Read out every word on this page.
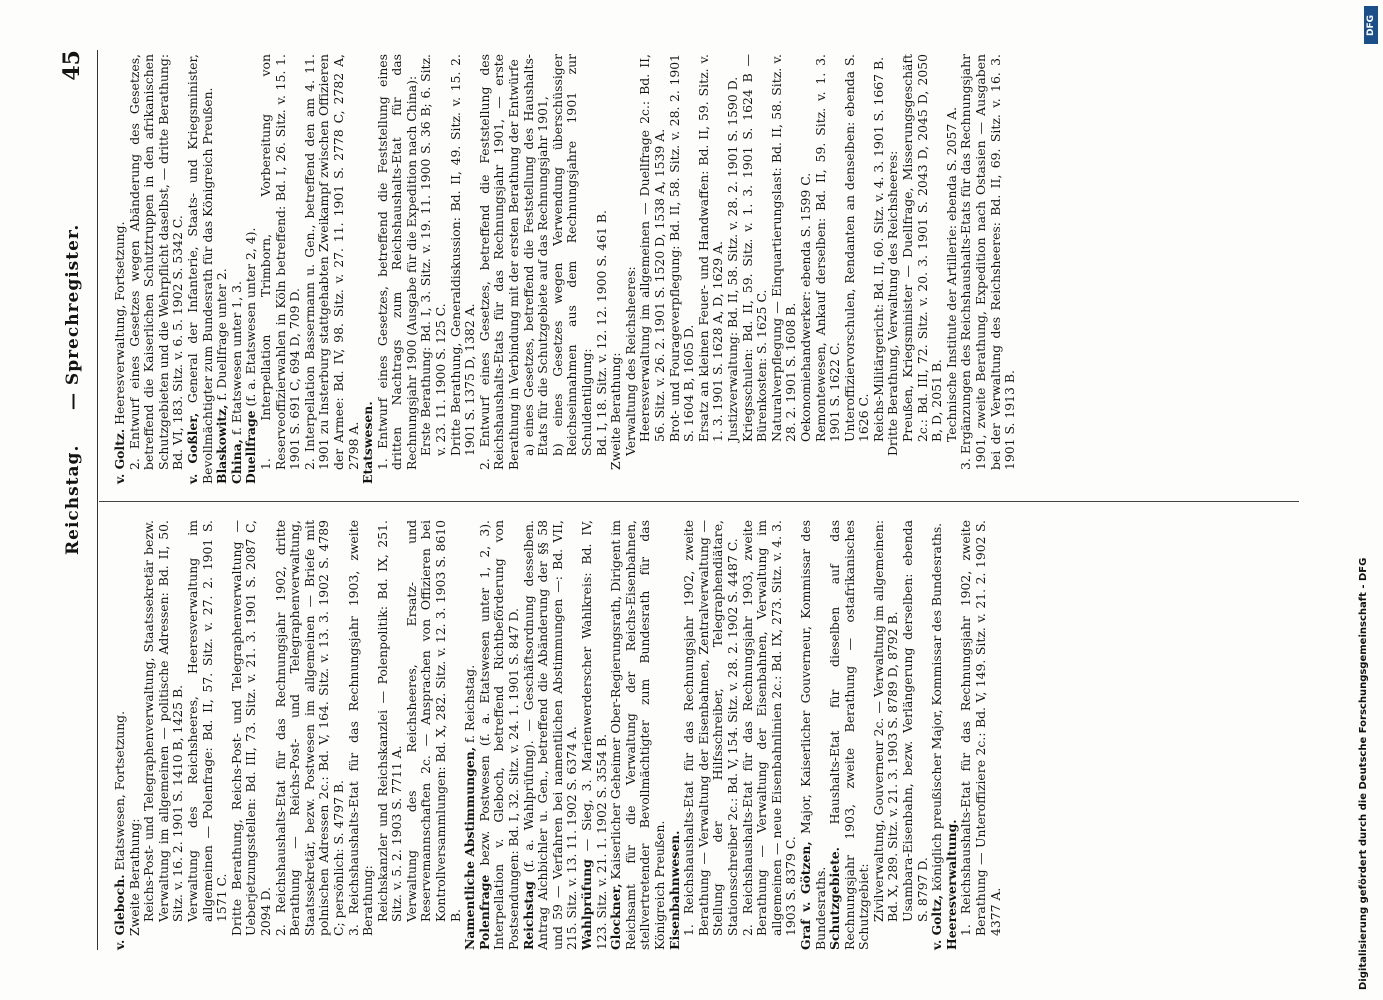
Reichstag.
— Sprechregister.
45

v. Gleboch. Etatswesen, Fortsetzung.

Zweite Berathung: Reichs-Post- und Telegraphenverwaltung, Staatssekretär bezw. Verwaltung im allgemeinen — politische Adressen: Bd. II, 50. Sitz. v. 16. 2. 1901 S. 1410 B, 1425 B. Verwaltung des Reichsheeres, Heeresverwaltung im allgemeinen — Polenfrage: Bd. II, 57. Sitz. v. 27. 2. 1901 S. 1571 C. Dritte Berathung, Reichs-Post- und Telegraphenverwaltung — Ueberjetzungsstellen: Bd. III, 73. Sitz. v. 21. 3. 1901 S. 2087 C, 2094 D. 2. Reichshaushalts-Etat für das Rechnungsjahr 1902, dritte Berathung — Reichs-Post- und Telegraphenverwaltung, Staatssekretär, bezw. Postwesen im allgemeinen — Briefe mit polnischen Adressen 2c.: Bd. V, 164. Sitz. v. 13. 3. 1902 S. 4789 C; persönlich: S. 4797 B. 3. Reichshaushalts-Etat für das Rechnungsjahr 1903, zweite Berathung: Reichskanzler und Reichskanzlei — Polenpolitik: Bd. IX, 251. Sitz. v. 5. 2. 1903 S. 7711 A. Verwaltung des Reichsheeres, Ersatz- und Reservemannschaften 2c. — Ansprachen von Offizieren bei Kontrollversammlungen: Bd. X, 282. Sitz. v. 12. 3. 1903 S. 8610 B. Namentliche Abstimmungen, f. Reichstag.

Polenfrage bezw. Postwesen (f. a. Etatswesen unter 1, 2, 3). Interpellation v. Gleboch, betreffend Richtbeförderung von Postsendungen: Bd. I, 32. Sitz. v. 24. 1. 1901 S. 847 D. Reichstag (f. a. Wahlprüfung). — Geschäftsordnung desselben. Antrag Aichbichler u. Gen., betreffend die Abänderung der §§ 58 und 59 — Verfahren bei namentlichen Abstimmungen —: Bd. VII, 215. Sitz. v. 13. 11. 1902 S. 6374 A. Wahlprüfung — Sieg, 3. Marienwerderscher Wahlkreis: Bd. IV, 123. Sitz. v. 21. 1. 1902 S. 3554 B. Glockner, Kaiserlicher Geheimer Ober-Regierungsrath, Dirigent im Reichsamt für die Verwaltung der Reichs-Eisenbahnen, stellvertretender Bevollmächtigter zum Bundesrath für das Königreich Preußen. Eisenbahnwesen. 1. Reichshaushalts-Etat für das Rechnungsjahr 1902, zweite Berathung — Verwaltung der Eisenbahnen, Zentralverwaltung — Stellung der Hilfsschreiber, Telegraphendiätare, Stationsschreiber 2c.: Bd. V, 154. Sitz. v. 28. 2. 1902 S. 4487 C. 2. Reichshaushalts-Etat für das Rechnungsjahr 1903, zweite Berathung — Verwaltung der Eisenbahnen, Verwaltung im allgemeinen — neue Eisenbahnlinien 2c.: Bd. IX, 273. Sitz. v. 4. 3. 1903 S. 8379 C. Graf v. Götzen, Major, Kaiserlicher Gouverneur, Kommissar des Bundesraths. Schutzgebiete. Haushalts-Etat für dieselben auf das Rechnungsjahr 1903, zweite Berathung — ostafrikanisches Schutzgebiet: Zivilverwaltung, Gouverneur 2c. — Verwaltung im allgemeinen: Bd. X, 289. Sitz. v. 21. 3. 1903 S. 8789 D, 8792 B. Usambara-Eisenbahn, bezw. Verlängerung derselben: ebenda S. 8797 D.

v. Goltz, königlich preußischer Major, Kommissar des Bundesraths. Heeresverwaltung. 1. Reichshaushalts-Etat für das Rechnungsjahr 1902, zweite Berathung — Unteroffiziere 2c.: Bd. V, 149. Sitz. v. 21. 2. 1902 S. 4377 A.

v. Goltz. Heeresverwaltung, Fortsetzung. 2. Entwurf eines Gesetzes wegen Abänderung des Gesetzes, betreffend die Kaiserlichen Schutztruppen in den afrikanischen Schutzgebieten und die Wehrpflicht daselbst, — dritte Berathung: Bd. VI, 183. Sitz. v. 6. 5. 1902 S. 5342 C. v. Goßler, General der Infanterie, Staats- und Kriegsminister, Bevollmächtigter zum Bundesrath für das Königreich Preußen. Blaskowitz, f. Duellfrage unter 2.

China, f. Etatswesen unter 1, 3.

Duellfrage (f. a. Etatswesen unter 2, 4). 1. Interpellation Trimborn, Vorbereitung von Reserveoffizierwahlen in Köln betreffend: Bd. I, 26. Sitz. v. 15. 1. 1901 S. 691 C, 694 D, 709 D. 2. Interpellation Bassermann u. Gen., betreffend den am 4. 11. 1901 zu Insterburg stattgehabten Zweikampf zwischen Offizieren der Armee: Bd. IV, 98. Sitz. v. 27. 11. 1901 S. 2778 C, 2782 A, 2798 A. Etatswesen. 1. Entwurf eines Gesetzes, betreffend die Feststellung eines dritten Nachtrags zum Reichshaushalts-Etat für das Rechnungsjahr 1900 (Ausgabe für die Expedition nach China): Erste Berathung: Bd. I, 3. Sitz. v. 19. 11. 1900 S. 36 B; 6. Sitz. v. 23. 11. 1900 S. 125 C. Dritte Berathung, Generaldiskussion: Bd. II, 49. Sitz. v. 15. 2. 1901 S. 1375 D, 1382 A. 2. Entwurf eines Gesetzes, betreffend die Feststellung des Reichshaushalts-Etats für das Rechnungsjahr 1901, — erste Berathung in Verbindung mit der ersten Berathung der Entwürfe a) eines Gesetzes, betreffend die Feststellung des Haushalts-Etats für die Schutzgebiete auf das Rechnungsjahr 1901, b) eines Gesetzes wegen Verwendung überschüssiger Reichseinnahmen aus dem Rechnungsjahre 1901 zur Schuldentilgung: Bd. I, 18. Sitz. v. 12. 12. 1900 S. 461 B. Zweite Berathung: Verwaltung des Reichsheeres: Heeresverwaltung im allgemeinen — Duellfrage 2c.: Bd. II, 56. Sitz. v. 26. 2. 1901 S. 1520 D, 1538 A, 1539 A. Brot- und Fourageverpflegung: Bd. II, 58. Sitz. v. 28. 2. 1901 S. 1604 B, 1605 D. Ersatz an kleinen Feuer- und Handwaffen: Bd. II, 59. Sitz. v. 1. 3. 1901 S. 1628 A, D, 1629 A. Justizverwaltung: Bd. II, 58. Sitz. v. 28. 2. 1901 S. 1590 D. Kriegsschulen: Bd. II, 59. Sitz. v. 1. 3. 1901 S. 1624 B — Bürenkosten: S. 1625 C. Naturalverpflegung — Einquartierungslast: Bd. II, 58. Sitz. v. 28. 2. 1901 S. 1608 B. Oekonomiehandwerker: ebenda S. 1599 C. Remontewesen, Ankauf derselben: Bd. II, 59. Sitz. v. 1. 3. 1901 S. 1622 C. Unteroffiziervorschulen, Rendanten an denselben: ebenda S. 1626 C. Reichs-Militärgericht: Bd. II, 60. Sitz. v. 4. 3. 1901 S. 1667 B. Dritte Berathung, Verwaltung des Reichsheeres: Preußen, Kriegsminister — Duellfrage, Misserungsgeschäft 2c.: Bd. III, 72. Sitz. v. 20. 3. 1901 S. 2043 D, 2045 D, 2050 B, D, 2051 B. Technische Institute der Artillerie: ebenda S. 2057 A. 3. Ergänzungen des Reichshaushalts-Etats für das Rechnungsjahr 1901, zweite Berathung, Expedition nach Ostasien — Ausgaben bei der Verwaltung des Reichsheeres: Bd. II, 69. Sitz. v. 16. 3. 1901 S. 1913 B.

Digitalisierung gefördert durch die Deutsche Forschungsgemeinschaft - DFG
DFG
